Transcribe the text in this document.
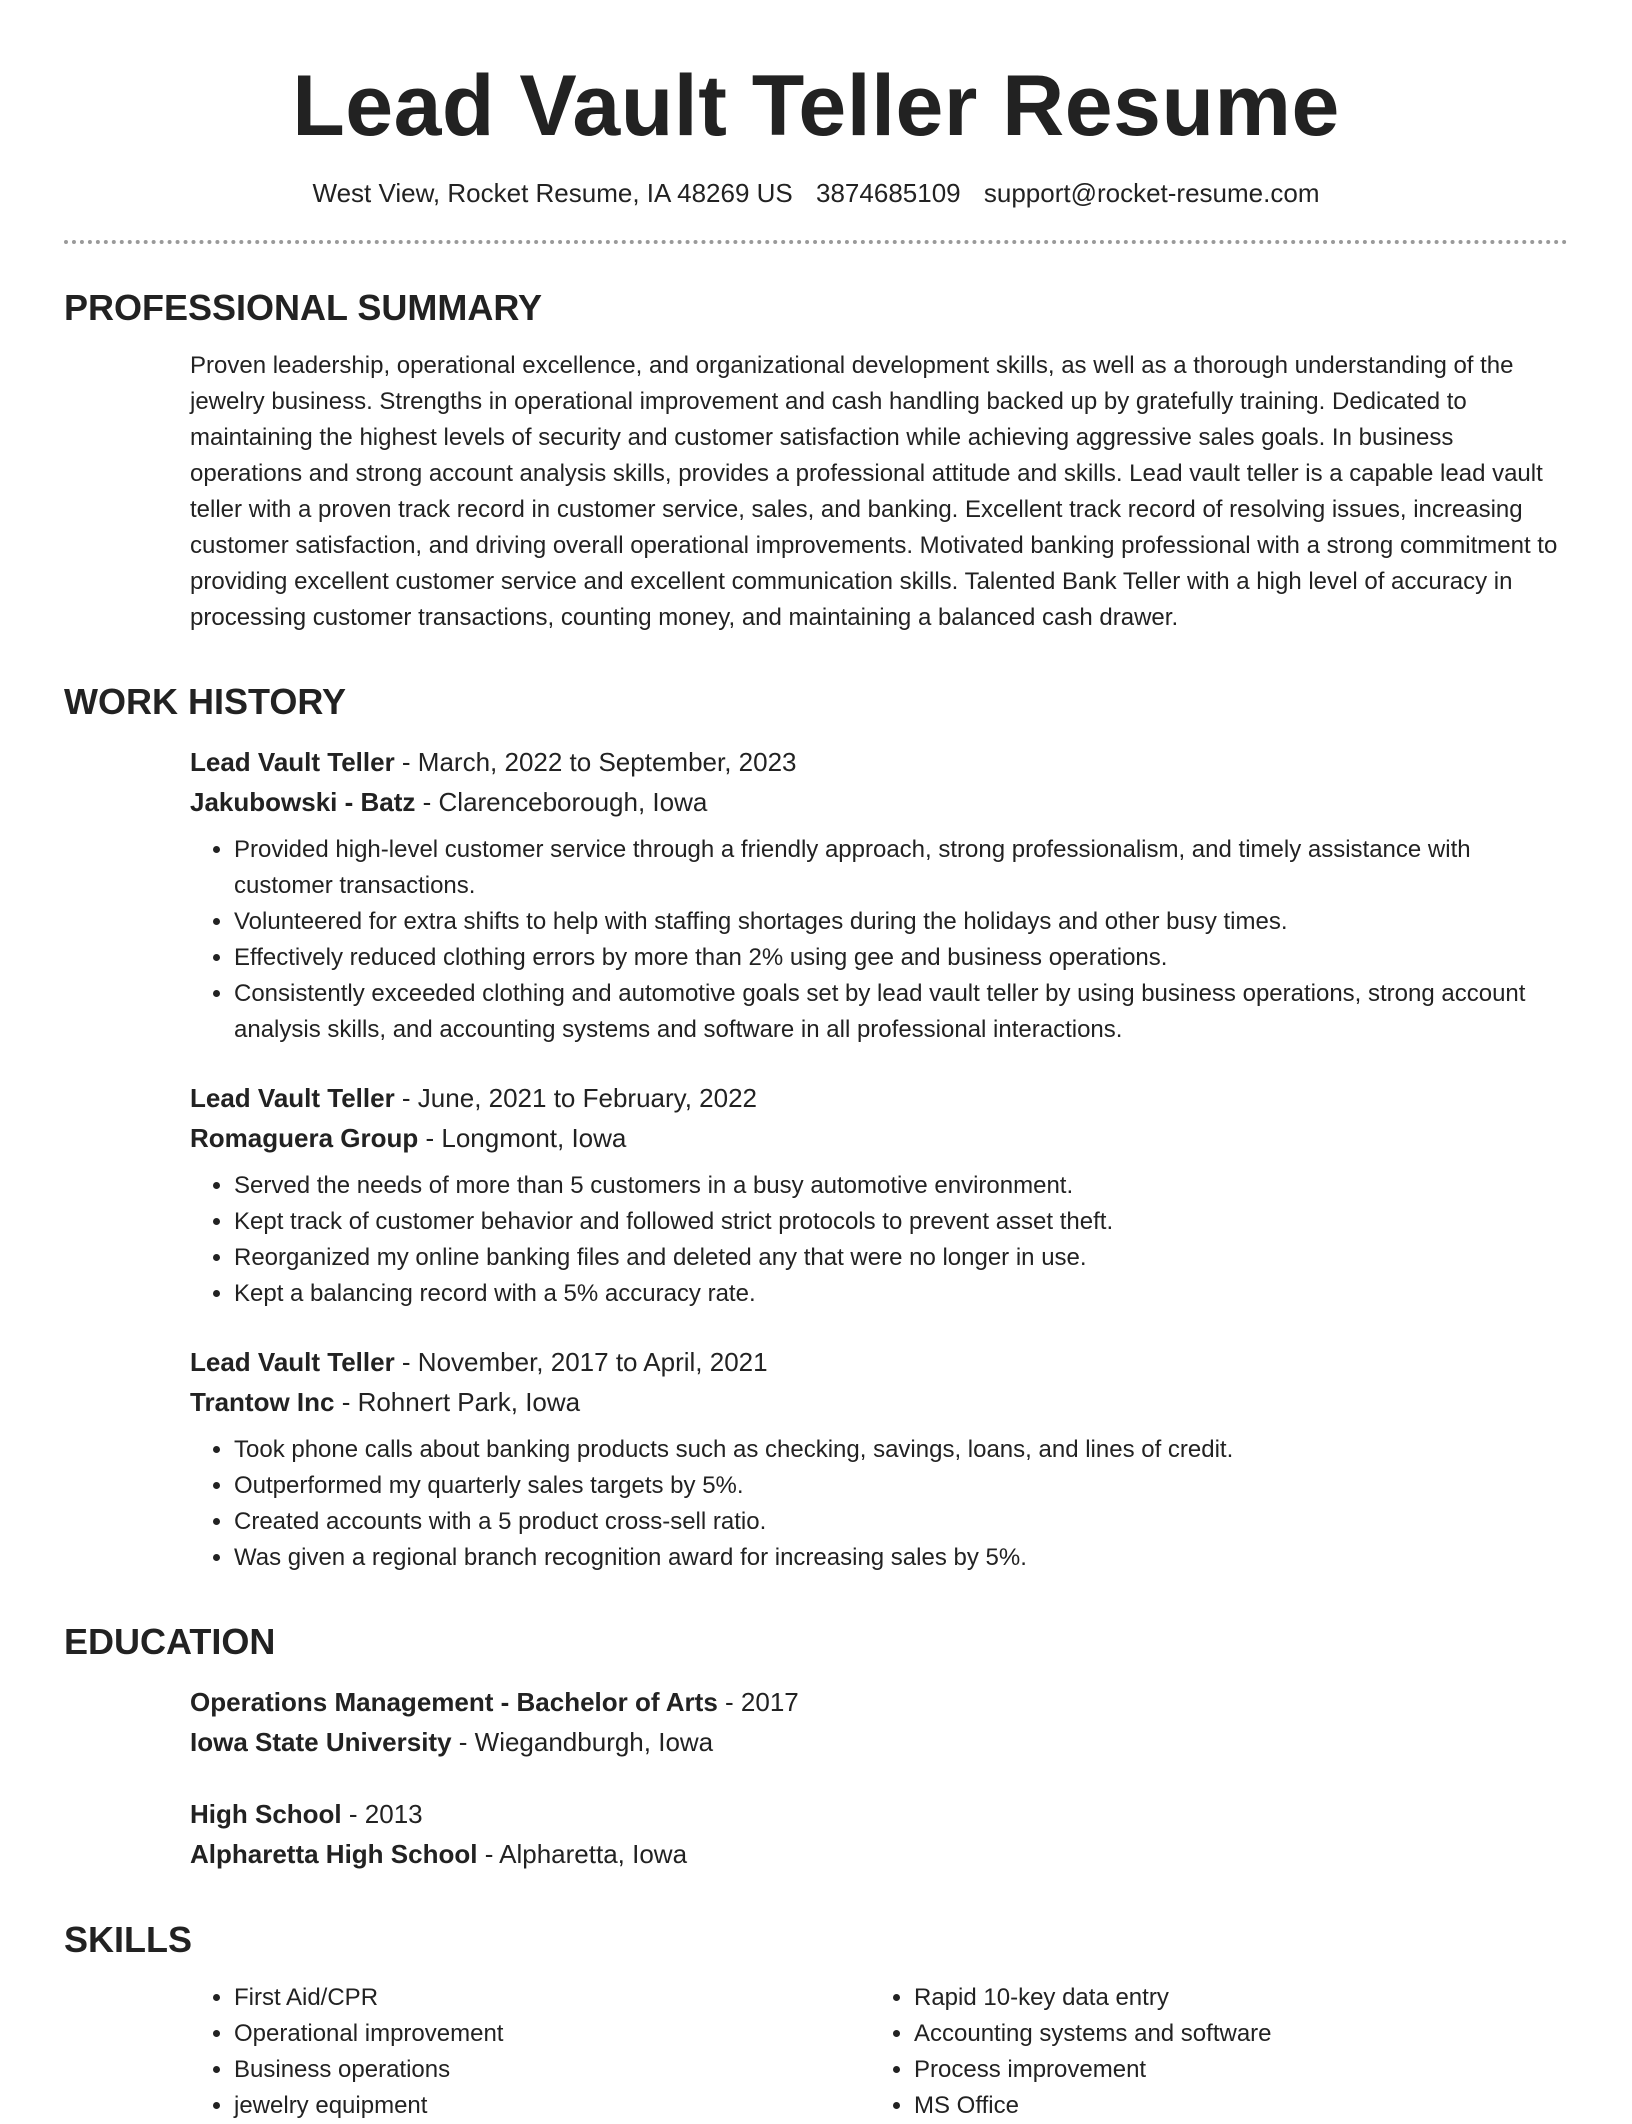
Lead Vault Teller Resume
West View, Rocket Resume, IA 48269 US 3874685109 support@rocket-resume.com
PROFESSIONAL SUMMARY

Proven leadership, operational excellence, and organizational development skills, as well as a thorough understanding of the jewelry business. Strengths in operational improvement and cash handling backed up by gratefully training. Dedicated to maintaining the highest levels of security and customer satisfaction while achieving aggressive sales goals. In business operations and strong account analysis skills, provides a professional attitude and skills. Lead vault teller is a capable lead vault teller with a proven track record in customer service, sales, and banking. Excellent track record of resolving issues, increasing customer satisfaction, and driving overall operational improvements. Motivated banking professional with a strong commitment to providing excellent customer service and excellent communication skills. Talented Bank Teller with a high level of accuracy in processing customer transactions, counting money, and maintaining a balanced cash drawer.

WORK HISTORY
Lead Vault Teller - March, 2022 to September, 2023
Jakubowski - Batz - Clarenceborough, Iowa
• Provided high-level customer service through a friendly approach, strong professionalism, and timely assistance with customer transactions.
• Volunteered for extra shifts to help with staffing shortages during the holidays and other busy times.
• Effectively reduced clothing errors by more than 2% using gee and business operations.
• Consistently exceeded clothing and automotive goals set by lead vault teller by using business operations, strong account analysis skills, and accounting systems and software in all professional interactions.
Lead Vault Teller - June, 2021 to February, 2022
Romaguera Group - Longmont, Iowa
• Served the needs of more than 5 customers in a busy automotive environment.
• Kept track of customer behavior and followed strict protocols to prevent asset theft.
• Reorganized my online banking files and deleted any that were no longer in use.
• Kept a balancing record with a 5% accuracy rate.
Lead Vault Teller - November, 2017 to April, 2021
Trantow Inc - Rohnert Park, Iowa
• Took phone calls about banking products such as checking, savings, loans, and lines of credit.
• Outperformed my quarterly sales targets by 5%.
• Created accounts with a 5 product cross-sell ratio.
• Was given a regional branch recognition award for increasing sales by 5%.
EDUCATION
Operations Management - Bachelor of Arts - 2017
Iowa State University - Wiegandburgh, Iowa
High School - 2013
Alpharetta High School - Alpharetta, Iowa
SKILLS
• First Aid/CPR
• Operational improvement
• Business operations
• jewelry equipment
• Rapid 10-key data entry
• Accounting systems and software
• Process improvement
• MS Office
